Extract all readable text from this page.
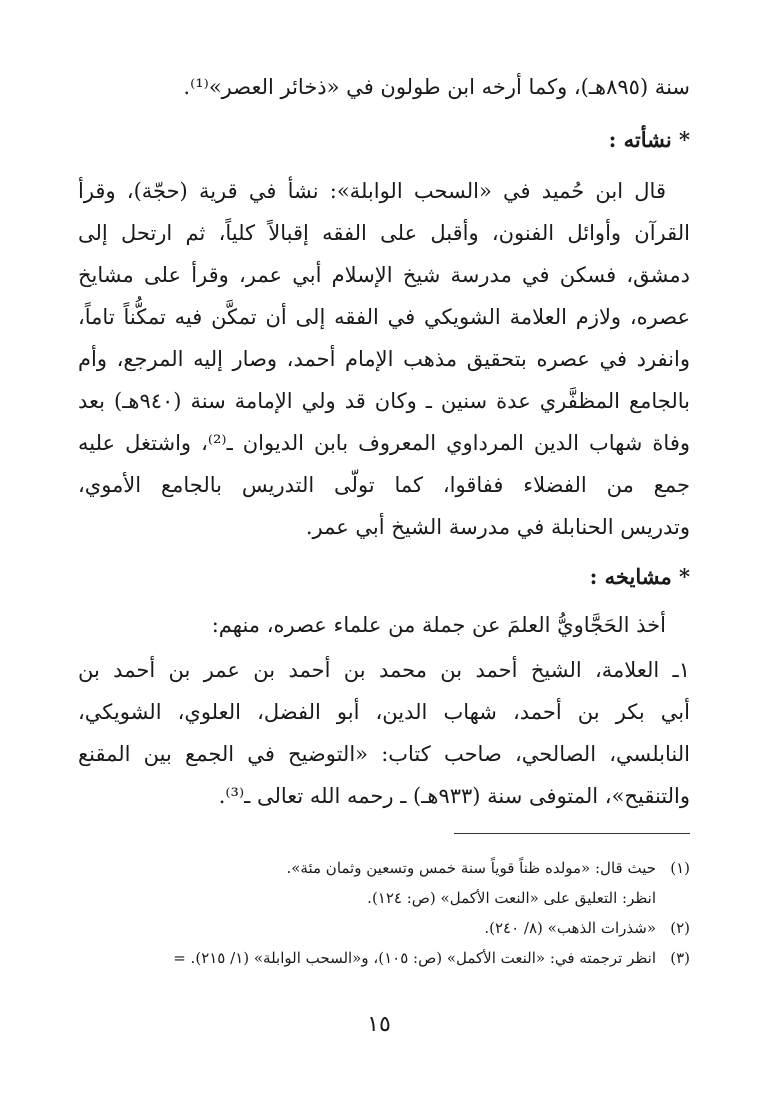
سنة (٨٩٥هـ)، وكما أرخه ابن طولون في «ذخائر العصر»⁽¹⁾.
* نشأته :
قال ابن حُميد في «السحب الوابلة»: نشأ في قرية (حجّة)، وقرأ
القرآن وأوائل الفنون، وأقبل على الفقه إقبالاً كلياً، ثم ارتحل إلى
دمشق، فسكن في مدرسة شيخ الإسلام أبي عمر، وقرأ على مشايخ
عصره، ولازم العلامة الشويكي في الفقه إلى أن تمكَّن فيه تمكُّناً تاماً،
وانفرد في عصره بتحقيق مذهب الإمام أحمد، وصار إليه المرجع، وأم
بالجامع المظفَّري عدة سنين ـ وكان قد ولي الإمامة سنة (٩٤٠هـ) بعد
وفاة شهاب الدين المرداوي المعروف بابن الديوان ـ⁽²⁾، واشتغل عليه
جمع من الفضلاء ففاقوا، كما تولّى التدريس بالجامع الأموي،
وتدريس الحنابلة في مدرسة الشيخ أبي عمر.
* مشايخه :
أخذ الحَجَّاويُّ العلمَ عن جملة من علماء عصره، منهم:
١ـ العلامة، الشيخ أحمد بن محمد بن أحمد بن عمر بن أحمد بن
أبي بكر بن أحمد، شهاب الدين، أبو الفضل، العلوي، الشويكي،
النابلسي، الصالحي، صاحب كتاب: «التوضيح في الجمع بين المقنع
والتنقيح»، المتوفى سنة (٩٣٣هـ) ـ رحمه الله تعالى ـ⁽³⁾.
(١)حيث قال: «مولده ظناً قوياً سنة خمس وتسعين وثمان مئة».
انظر: التعليق على «النعت الأكمل» (ص: ١٢٤).
(٢)«شذرات الذهب» (٨/ ٢٤٠).
(٣)انظر ترجمته في: «النعت الأكمل» (ص: ١٠٥)، و«السحب الوابلة» (١/ ٢١٥). =
١٥
